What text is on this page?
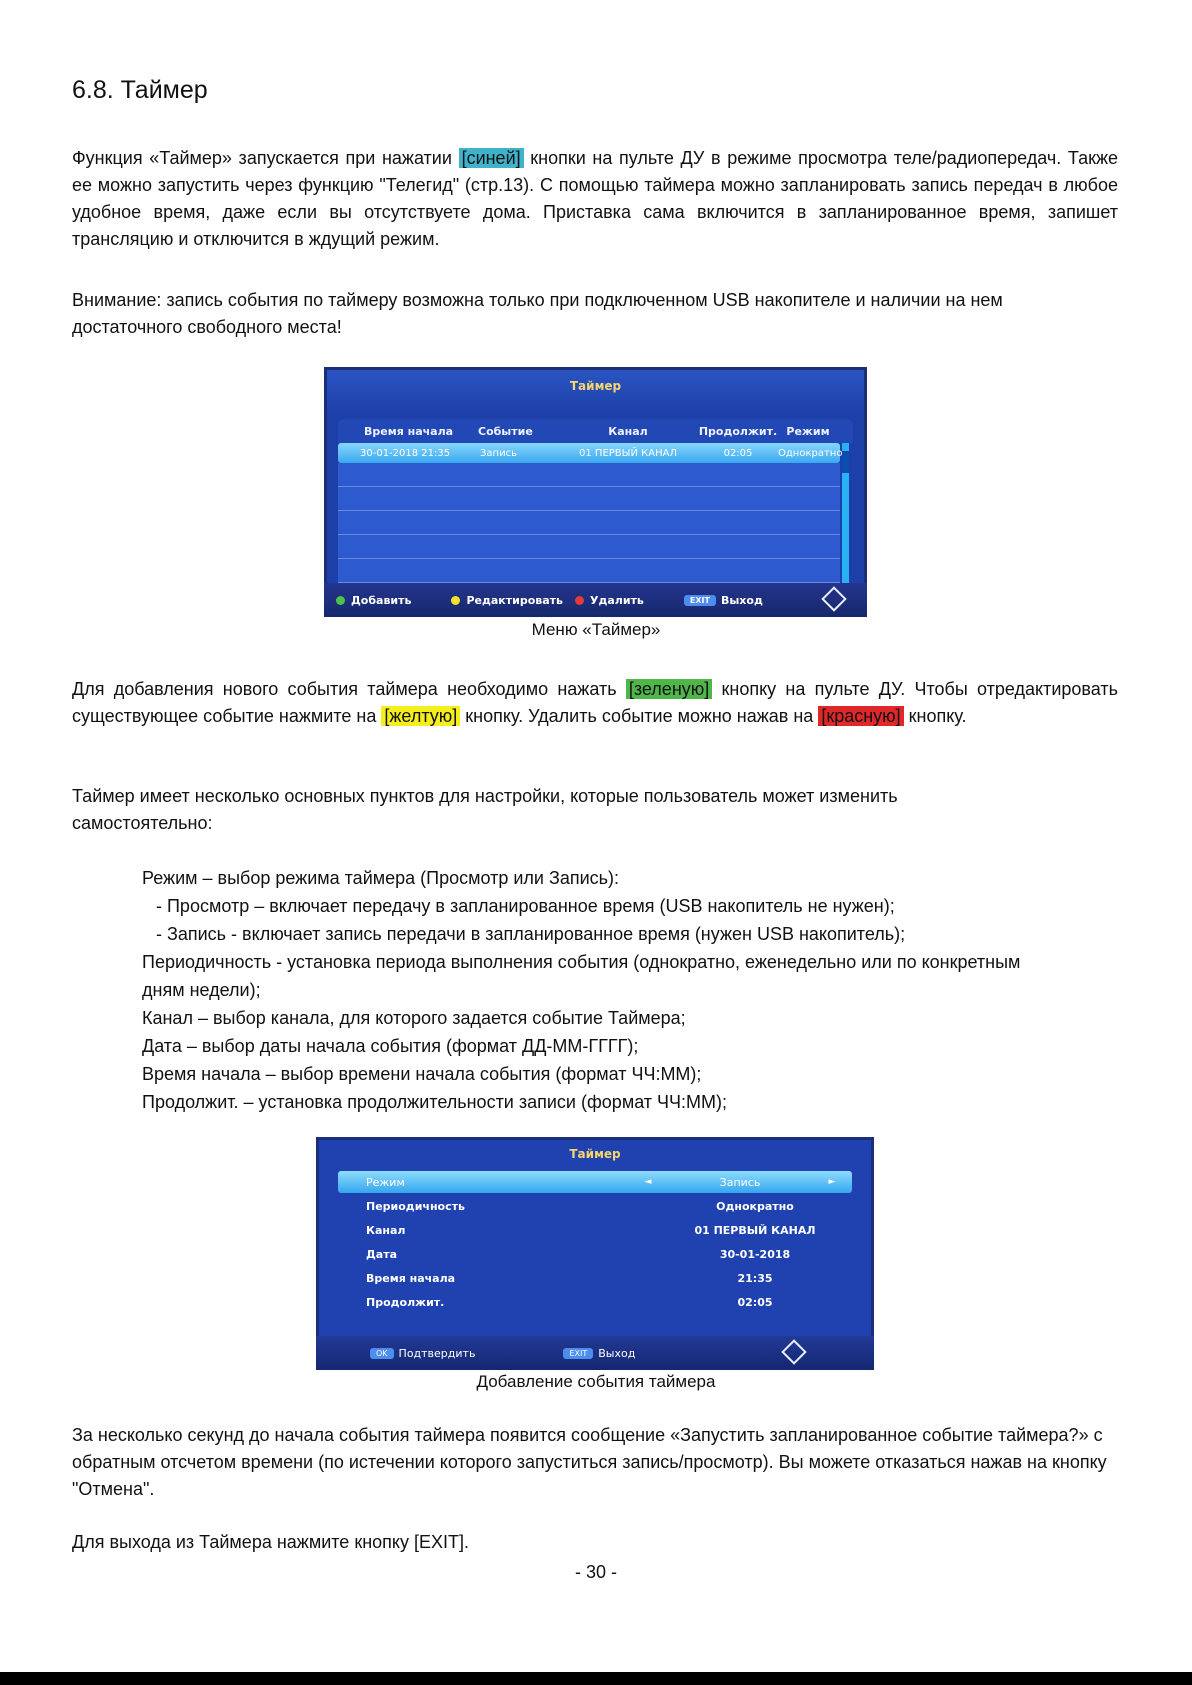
6.8. Таймер

Функция «Таймер» запускается при нажатии [синей] кнопки на пульте ДУ в режиме просмотра теле/радиопередач. Также ее можно запустить через функцию "Телегид" (стр.13). С помощью таймера можно запланировать запись передач в любое удобное время, даже если вы отсутствуете дома. Приставка сама включится в запланированное время, запишет трансляцию и отключится в ждущий режим.

Внимание: запись события по таймеру возможна только при подключенном USB накопителе и наличии на нем достаточного свободного места!

Таймер
Время начала	Событие	Канал	Продолжит. Режим
30-01-2018 21:35	Запись	01 ПЕРВЫЙ КАНАЛ	02:05	Однократно
Добавить	Редактировать	Удалить	EXIT Выход

Меню «Таймер»

Для добавления нового события таймера необходимо нажать [зеленую] кнопку на пульте ДУ. Чтобы отредактировать существующее событие нажмите на [желтую] кнопку. Удалить событие можно нажав на [красную] кнопку.

Таймер имеет несколько основных пунктов для настройки, которые пользователь может изменить самостоятельно:

Режим – выбор режима таймера (Просмотр или Запись):
- Просмотр – включает передачу в запланированное время (USB накопитель не нужен);
- Запись - включает запись передачи в запланированное время (нужен USB накопитель);
Периодичность - установка периода выполнения события (однократно, еженедельно или по конкретным дням недели);
Канал – выбор канала, для которого задается событие Таймера;
Дата – выбор даты начала события (формат ДД-ММ-ГГГГ);
Время начала – выбор времени начала события (формат ЧЧ:ММ);
Продолжит. – установка продолжительности записи (формат ЧЧ:ММ);
Таймер
Режим	◄	Запись	►
Периодичность	Однократно
Канал	01 ПЕРВЫЙ КАНАЛ
Дата	30-01-2018
Время начала	21:35
Продолжит.	02:05
OK Подтвердить	EXIT Выход

Добавление события таймера

За несколько секунд до начала события таймера появится сообщение «Запустить запланированное событие таймера?» с обратным отсчетом времени (по истечении которого запуститься запись/просмотр). Вы можете отказаться нажав на кнопку "Отмена".

Для выхода из Таймера нажмите кнопку [EXIT].

- 30 -
